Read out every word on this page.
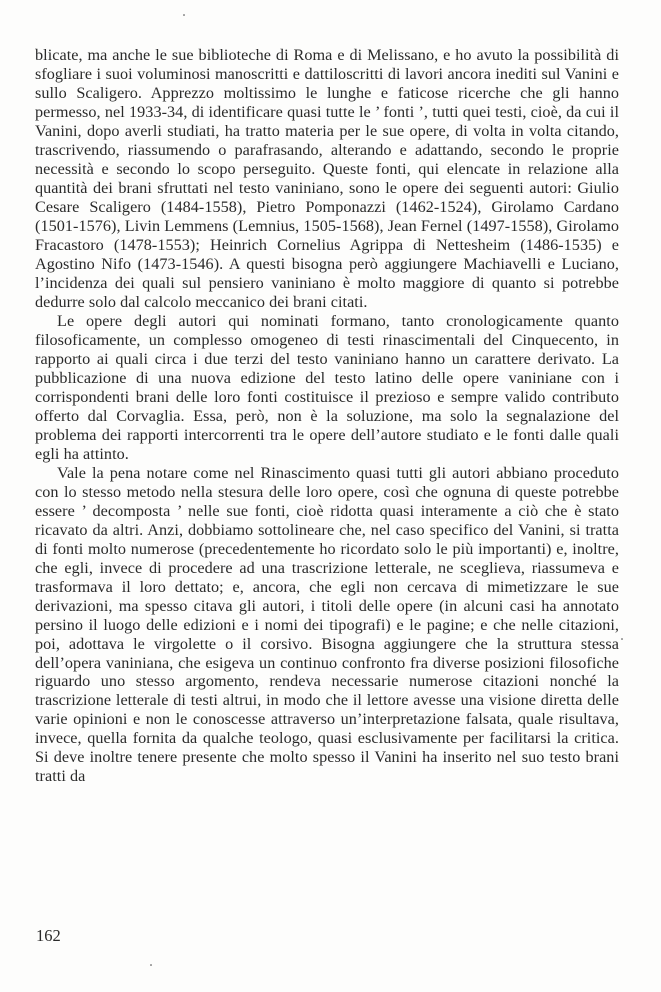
blicate, ma anche le sue biblioteche di Roma e di Melissano, e ho avuto la possibilità di sfogliare i suoi voluminosi manoscritti e dattiloscritti di lavori ancora inediti sul Vanini e sullo Scaligero. Apprezzo moltissimo le lunghe e faticose ricerche che gli hanno permesso, nel 1933-34, di identificare quasi tutte le ’ fonti ’, tutti quei testi, cioè, da cui il Vanini, dopo averli studiati, ha tratto materia per le sue opere, di volta in volta citando, trascrivendo, riassumendo o parafrasando, alterando e adattando, secondo le proprie necessità e secondo lo scopo perseguito. Queste fonti, qui elencate in relazione alla quantità dei brani sfruttati nel testo vaniniano, sono le opere dei seguenti autori: Giulio Cesare Scaligero (1484-1558), Pietro Pomponazzi (1462-1524), Girolamo Cardano (1501-1576), Livin Lemmens (Lemnius, 1505-1568), Jean Fernel (1497-1558), Girolamo Fracastoro (1478-1553); Heinrich Cornelius Agrippa di Nettesheim (1486-1535) e Agostino Nifo (1473-1546). A questi bisogna però aggiungere Machiavelli e Luciano, l’incidenza dei quali sul pensiero vaniniano è molto maggiore di quanto si potrebbe dedurre solo dal calcolo meccanico dei brani citati.

Le opere degli autori qui nominati formano, tanto cronologicamente quanto filosoficamente, un complesso omogeneo di testi rinascimentali del Cinquecento, in rapporto ai quali circa i due terzi del testo vaniniano hanno un carattere derivato. La pubblicazione di una nuova edizione del testo latino delle opere vaniniane con i corrispondenti brani delle loro fonti costituisce il prezioso e sempre valido contributo offerto dal Corvaglia. Essa, però, non è la soluzione, ma solo la segnalazione del problema dei rapporti intercorrenti tra le opere dell’autore studiato e le fonti dalle quali egli ha attinto.

Vale la pena notare come nel Rinascimento quasi tutti gli autori abbiano proceduto con lo stesso metodo nella stesura delle loro opere, così che ognuna di queste potrebbe essere ’ decomposta ’ nelle sue fonti, cioè ridotta quasi interamente a ciò che è stato ricavato da altri. Anzi, dobbiamo sottolineare che, nel caso specifico del Vanini, si tratta di fonti molto numerose (precedentemente ho ricordato solo le più importanti) e, inoltre, che egli, invece di procedere ad una trascrizione letterale, ne sceglieva, riassumeva e trasformava il loro dettato; e, ancora, che egli non cercava di mimetizzare le sue derivazioni, ma spesso citava gli autori, i titoli delle opere (in alcuni casi ha annotato persino il luogo delle edizioni e i nomi dei tipografi) e le pagine; e che nelle citazioni, poi, adottava le virgolette o il corsivo. Bisogna aggiungere che la struttura stessa dell’opera vaniniana, che esigeva un continuo confronto fra diverse posizioni filosofiche riguardo uno stesso argomento, rendeva necessarie numerose citazioni nonché la trascrizione letterale di testi altrui, in modo che il lettore avesse una visione diretta delle varie opinioni e non le conoscesse attraverso un’interpretazione falsata, quale risultava, invece, quella fornita da qualche teologo, quasi esclusivamente per facilitarsi la critica. Si deve inoltre tenere presente che molto spesso il Vanini ha inserito nel suo testo brani tratti da

162
